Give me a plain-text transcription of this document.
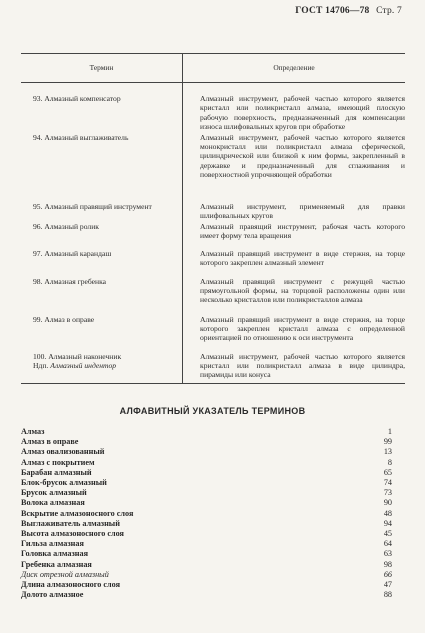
ГОСТ 14706—78 Стр. 7
Термин	Определение
93. Алмазный компенсатор	Алмазный инструмент, рабочей частью которого является кристалл или поликристалл алмаза, имеющий плоскую рабочую поверхность, предназначенный для компенсации износа шлифовальных кругов при обработке
94. Алмазный выглаживатель	Алмазный инструмент, рабочей частью которого является монокристалл или поликристалл алмаза сферической, цилиндрической или близкой к ним формы, закрепленный в державке и предназначенный для сглаживания и поверхностной упрочняющей обработки
95. Алмазный правящий инструмент	Алмазный инструмент, применяемый для правки шлифовальных кругов
96. Алмазный ролик	Алмазный правящий инструмент, рабочая часть которого имеет форму тела вращения
97. Алмазный карандаш	Алмазный правящий инструмент в виде стержня, на торце которого закреплен алмазный элемент
98. Алмазная гребенка	Алмазный правящий инструмент с режущей частью прямоугольной формы, на торцовой расположены один или несколько кристаллов или поликристаллов алмаза
99. Алмаз в оправе	Алмазный правящий инструмент в виде стержня, на торце которого закреплен кристалл алмаза с определенной ориентацией по отношению к оси инструмента

100. Алмазный наконечник
Ндп. Алмазный индентор	Алмазный инструмент, рабочей частью которого является кристалл или поликристалл алмаза в виде цилиндра, пирамиды или конуса
АЛФАВИТНЫЙ УКАЗАТЕЛЬ ТЕРМИНОВ
Алмаз	1
Алмаз в оправе	99
Алмаз овализованный	13
Алмаз с покрытием	8
Барабан алмазный	65
Блок-брусок алмазный	74
Брусок алмазный	73
Волока алмазная	90
Вскрытие алмазоносного слоя	48
Выглаживатель алмазный	94
Высота алмазоносного слоя	45
Гильза алмазная	64
Головка алмазная	63
Гребенка алмазная	98
Диск отрезной алмазный	66
Длина алмазоносного слоя	47
Долото алмазное	88
